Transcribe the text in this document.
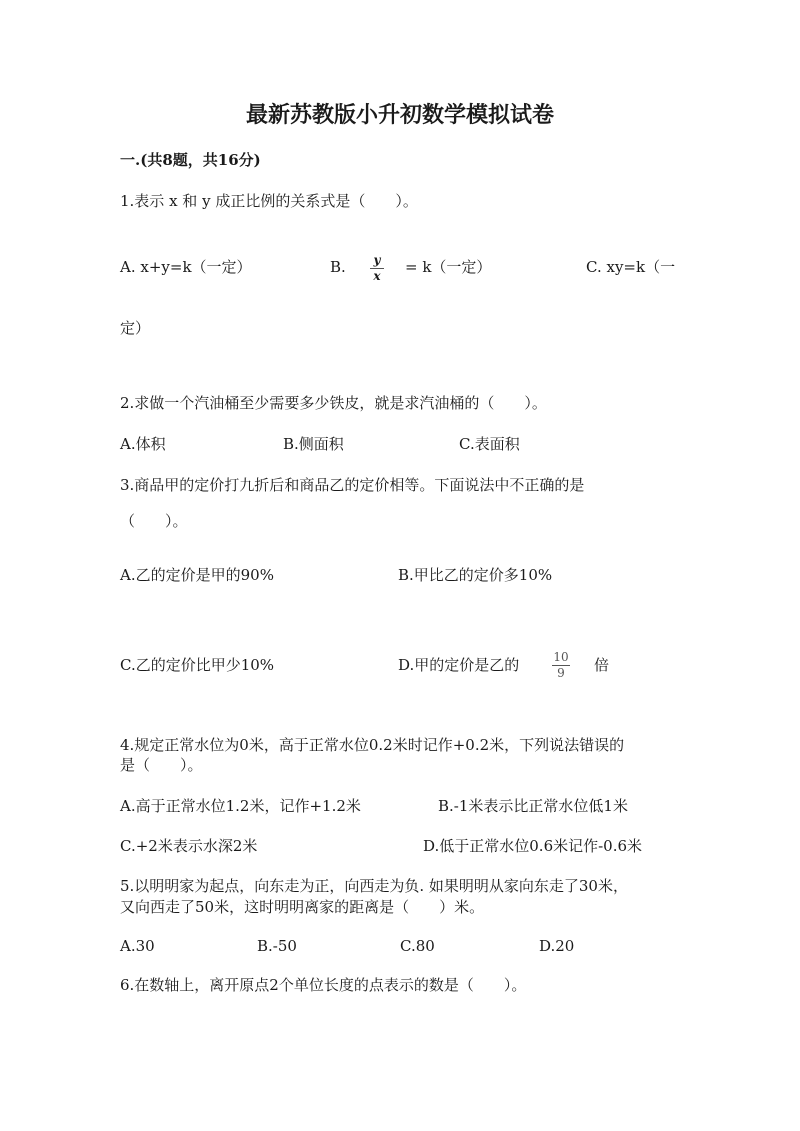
最新苏教版小升初数学模拟试卷
一.(共8题，共16分)
1.表示 x 和 y 成正比例的关系式是（　　）。
A. x+y=k（一定）	B. y
x = k（一定）	C. xy=k（一
定）
2.求做一个汽油桶至少需要多少铁皮，就是求汽油桶的（　　）。
A.体积	B.侧面积	C.表面积
3.商品甲的定价打九折后和商品乙的定价相等。下面说法中不正确的是
（　　）。
A.乙的定价是甲的90%	B.甲比乙的定价多10%
C.乙的定价比甲少10%	D.甲的定价是乙的	10
9 倍
4.规定正常水位为0米，高于正常水位0.2米时记作+0.2米，下列说法错误的
是（　　）。
A.高于正常水位1.2米，记作+1.2米	B.-1米表示比正常水位低1米
C.+2米表示水深2米	D.低于正常水位0.6米记作-0.6米
5.以明明家为起点，向东走为正，向西走为负. 如果明明从家向东走了30米，
又向西走了50米，这时明明离家的距离是（　　）米。
A.30	B.-50	C.80	D.20
6.在数轴上，离开原点2个单位长度的点表示的数是（　　）。
